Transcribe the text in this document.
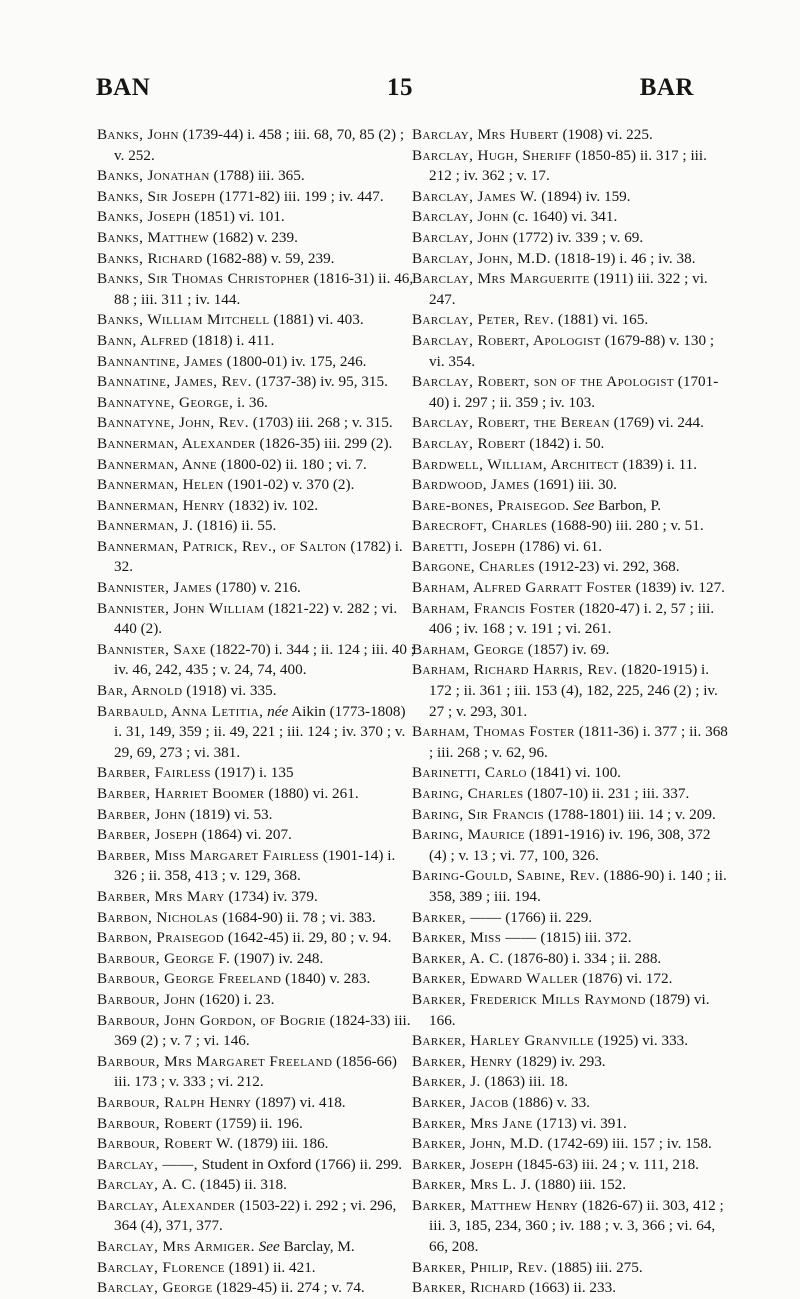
BAN	15	BAR

Banks, John (1739-44) i. 458 ; iii. 68, 70, 85 (2) ; v. 252.

Banks, Jonathan (1788) iii. 365.

Banks, Sir Joseph (1771-82) iii. 199 ; iv. 447.

Banks, Joseph (1851) vi. 101.

Banks, Matthew (1682) v. 239.

Banks, Richard (1682-88) v. 59, 239.

Banks, Sir Thomas Christopher (1816-31) ii. 46, 88 ; iii. 311 ; iv. 144.

Banks, William Mitchell (1881) vi. 403.

Bann, Alfred (1818) i. 411.

Bannantine, James (1800-01) iv. 175, 246.

Bannatine, James, Rev. (1737-38) iv. 95, 315.

Bannatyne, George, i. 36.

Bannatyne, John, Rev. (1703) iii. 268 ; v. 315.

Bannerman, Alexander (1826-35) iii. 299 (2).

Bannerman, Anne (1800-02) ii. 180 ; vi. 7.

Bannerman, Helen (1901-02) v. 370 (2).

Bannerman, Henry (1832) iv. 102.

Bannerman, J. (1816) ii. 55.

Bannerman, Patrick, Rev., of Salton (1782) i. 32.

Bannister, James (1780) v. 216.

Bannister, John William (1821-22) v. 282 ; vi. 440 (2).

Bannister, Saxe (1822-70) i. 344 ; ii. 124 ; iii. 40 ; iv. 46, 242, 435 ; v. 24, 74, 400.

Bar, Arnold (1918) vi. 335.

Barbauld, Anna Letitia, née Aikin (1773-1808) i. 31, 149, 359 ; ii. 49, 221 ; iii. 124 ; iv. 370 ; v. 29, 69, 273 ; vi. 381.

Barber, Fairless (1917) i. 135

Barber, Harriet Boomer (1880) vi. 261.

Barber, John (1819) vi. 53.

Barber, Joseph (1864) vi. 207.

Barber, Miss Margaret Fairless (1901-14) i. 326 ; ii. 358, 413 ; v. 129, 368.

Barber, Mrs Mary (1734) iv. 379.

Barbon, Nicholas (1684-90) ii. 78 ; vi. 383.

Barbon, Praisegod (1642-45) ii. 29, 80 ; v. 94.

Barbour, George F. (1907) iv. 248.

Barbour, George Freeland (1840) v. 283.

Barbour, John (1620) i. 23.

Barbour, John Gordon, of Bogrie (1824-33) iii. 369 (2) ; v. 7 ; vi. 146.

Barbour, Mrs Margaret Freeland (1856-66) iii. 173 ; v. 333 ; vi. 212.

Barbour, Ralph Henry (1897) vi. 418.

Barbour, Robert (1759) ii. 196.

Barbour, Robert W. (1879) iii. 186.

Barclay, ——, Student in Oxford (1766) ii. 299.

Barclay, A. C. (1845) ii. 318.

Barclay, Alexander (1503-22) i. 292 ; vi. 296, 364 (4), 371, 377.

Barclay, Mrs Armiger. See Barclay, M.

Barclay, Florence (1891) ii. 421.

Barclay, George (1829-45) ii. 274 ; v. 74.

Barclay, Mrs Hubert (1908) vi. 225.

Barclay, Hugh, Sheriff (1850-85) ii. 317 ; iii. 212 ; iv. 362 ; v. 17.

Barclay, James W. (1894) iv. 159.

Barclay, John (c. 1640) vi. 341.

Barclay, John (1772) iv. 339 ; v. 69.

Barclay, John, M.D. (1818-19) i. 46 ; iv. 38.

Barclay, Mrs Marguerite (1911) iii. 322 ; vi. 247.

Barclay, Peter, Rev. (1881) vi. 165.

Barclay, Robert, Apologist (1679-88) v. 130 ; vi. 354.

Barclay, Robert, son of the Apologist (1701-40) i. 297 ; ii. 359 ; iv. 103.

Barclay, Robert, the Berean (1769) vi. 244.

Barclay, Robert (1842) i. 50.

Bardwell, William, Architect (1839) i. 11.

Bardwood, James (1691) iii. 30.

Bare-bones, Praisegod. See Barbon, P.

Barecroft, Charles (1688-90) iii. 280 ; v. 51.

Baretti, Joseph (1786) vi. 61.

Bargone, Charles (1912-23) vi. 292, 368.

Barham, Alfred Garratt Foster (1839) iv. 127.

Barham, Francis Foster (1820-47) i. 2, 57 ; iii. 406 ; iv. 168 ; v. 191 ; vi. 261.

Barham, George (1857) iv. 69.

Barham, Richard Harris, Rev. (1820-1915) i. 172 ; ii. 361 ; iii. 153 (4), 182, 225, 246 (2) ; iv. 27 ; v. 293, 301.

Barham, Thomas Foster (1811-36) i. 377 ; ii. 368 ; iii. 268 ; v. 62, 96.

Barinetti, Carlo (1841) vi. 100.

Baring, Charles (1807-10) ii. 231 ; iii. 337.

Baring, Sir Francis (1788-1801) iii. 14 ; v. 209.

Baring, Maurice (1891-1916) iv. 196, 308, 372 (4) ; v. 13 ; vi. 77, 100, 326.

Baring-Gould, Sabine, Rev. (1886-90) i. 140 ; ii. 358, 389 ; iii. 194.

Barker, —— (1766) ii. 229.

Barker, Miss —— (1815) iii. 372.

Barker, A. C. (1876-80) i. 334 ; ii. 288.

Barker, Edward Waller (1876) vi. 172.

Barker, Frederick Mills Raymond (1879) vi. 166.

Barker, Harley Granville (1925) vi. 333.

Barker, Henry (1829) iv. 293.

Barker, J. (1863) iii. 18.

Barker, Jacob (1886) v. 33.

Barker, Mrs Jane (1713) vi. 391.

Barker, John, M.D. (1742-69) iii. 157 ; iv. 158.

Barker, Joseph (1845-63) iii. 24 ; v. 111, 218.

Barker, Mrs L. J. (1880) iii. 152.

Barker, Matthew Henry (1826-67) ii. 303, 412 ; iii. 3, 185, 234, 360 ; iv. 188 ; v. 3, 366 ; vi. 64, 66, 208.

Barker, Philip, Rev. (1885) iii. 275.

Barker, Richard (1663) ii. 233.
